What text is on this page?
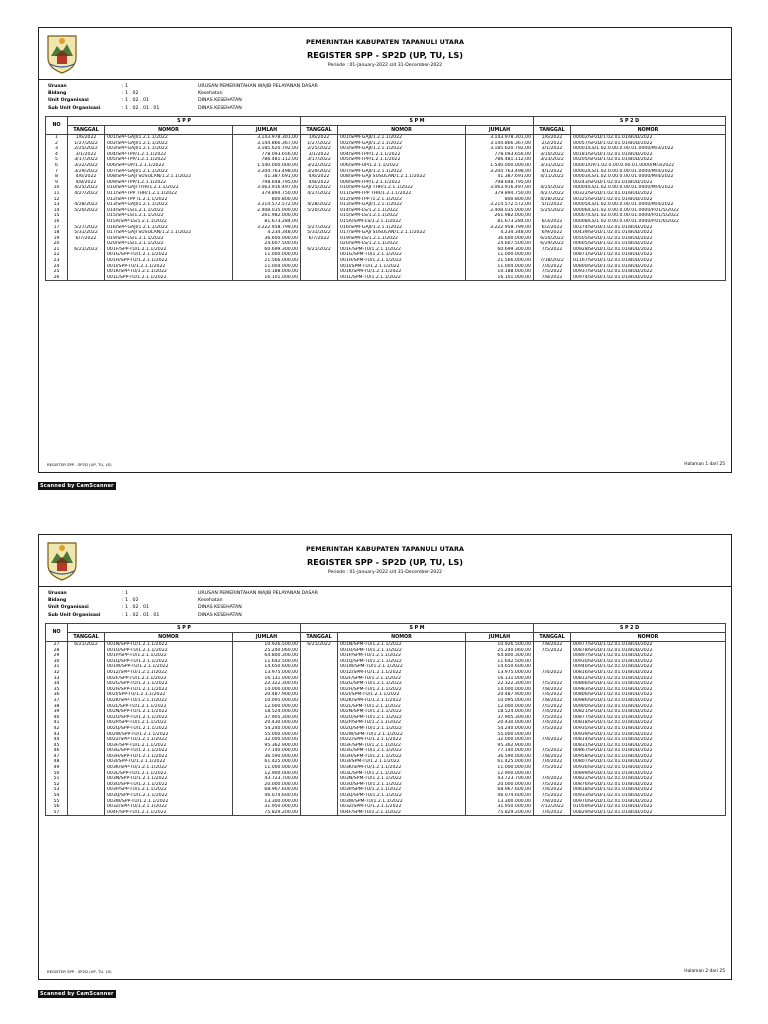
PEMERINTAH KABUPATEN TAPANULI UTARA
REGISTER SPP - SP2D (UP, TU, LS)
Periode : 01-January-2022 s/d 31-December-2022
Urusan	: 1	URUSAN PEMERINTAHAN WAJIB PELAYANAN DASAR
Bidang	: 1 . 02	Kesehatan
Unit Organisasi	: 1 . 02 . 01	DINAS KESEHATAN
Sub Unit Organisasi	: 1 . 02 . 01 . 01	DINAS KESEHATAN
NO	S P P			S P M			S P 2 D	
	TANGGAL	NOMOR	JUMLAH	TANGGAL	NOMOR	JUMLAH	TANGGAL	NOMOR
1	1/6/2022	001/SPP-GAJI/1.2.1.1/2022	3.143.978.301,00	1/6/2022	001/SPM-GAJI/1.2.1.1/2022	3.143.978.301,00	1/6/2022	00002/SP2D/1.02.01.01/BUD/2022
2	1/27/2022	002/SPP-GAJI/1.2.1.1/2022	3.144.866.367,00	1/27/2022	002/SPM-GAJI/1.2.1.1/2022	3.144.866.367,00	2/2/2022	00057/SP2D/1.02.01.01/BUD/2022
3	2/25/2022	003/SPP-GAJI/1.2.1.1/2022	3.185.620.792,00	2/25/2022	003/SPM-GAJI/1.2.1.1/2022	3.185.620.792,00	3/1/2022	00001/LS/1.02.0.00.0.00.01.0000/M/3/2022
4	3/1/2022	004/SPP-TPP/1.2.1.1/2022	778.093.656,00	3/1/2022	004/SPM-TPP/1.2.1.1/2022	778.093.656,00	3/10/2022	00181/SP2D/1.02.01.01/BUD/2022
5	3/17/2022	005/SPP-TPP/1.2.1.1/2022	786.481.112,00	3/17/2022	005/SPM-TPP/1.2.1.1/2022	786.481.112,00	3/23/2022	00205/SP2D/1.02.01.01/BUD/2022
6	3/22/2022	006/SPP-UP/1.2.1.1/2022	1.540.000.000,00	3/22/2022	006/SPM-UP/1.2.1.1/2022	1.540.000.000,00	3/31/2022	00001/UP/1.02.0.00.0.00.01.0000/M/3/2022
7	3/29/2022	007/SPP-GAJI/1.2.1.1/2022	3.204.763.498,00	3/29/2022	007/SPM-GAJI/1.2.1.1/2022	3.204.763.498,00	4/1/2022	00002/LS/1.02.0.00.0.00.01.0000/M/4/2022
8	4/6/2022	008/SPP-GAJI SUSULAN/1.2.1.1/2022	41.387.691,00	4/6/2022	008/SPM-GAJI SUSULAN/1.2.1.1/2022	41.387.691,00	4/11/2022	00003/LS/1.02.0.00.0.00.01.0000/M/4/2022
9	4/8/2022	009/SPP-TPP/1.2.1.1/2022	798.648.795,00	4/8/2022	009/SPM-TPP/1.2.1.1/2022	798.648.795,00		00243/SP2D/1.02.01.01/BUD/2022
10	4/25/2022	010/SPP-GAJI THR/1.2.1.1/2022	3.063.916.497,00	4/25/2022	010/SPM-GAJI THR/1.2.1.1/2022	3.063.916.497,00	4/25/2022	00004/LS/1.02.0.00.0.00.01.0000/M/4/2022
11	4/27/2022	011/SPP-TPP THR/1.2.1.1/2022	379.894.750,00	4/27/2022	011/SPM-TPP THR/1.2.1.1/2022	379.894.750,00	4/27/2022	00322/SP2D/1.02.01.01/BUD/2022
12		012/SPP-TPP /1.2.1.1/2022	800.800,00		012/SPM-TPP /1.2.1.1/2022	800.800,00	4/28/2022	00325/SP2D/1.02.01.01/BUD/2022
13	4/28/2022	013/SPP-GAJI/1.2.1.1/2022	3.214.572.572,00	4/28/2022	013/SPM-GAJI/1.2.1.1/2022	3.214.572.572,00	5/1/2022	00005/LS/1.02.0.00.0.00.01.0000/M/4/2022
14	5/20/2022	014/SPP-LS/1.2.1.1/2022	2.408.035.000,00	5/20/2022	014/SPM-LS/1.2.1.1/2022	2.408.035.000,00	5/25/2022	00006/LS/1.02.0.00.0.00.01.0000/P.01/5/2022
15		015/SPP-LS/1.2.1.1/2022	261.982.000,00		015/SPM-LS/1.2.1.1/2022	261.982.000,00		00007/LS/1.02.0.00.0.00.01.0000/P.01/5/2022
16		015A/SPP-LS/1.2.1.1/2022	81.673.284,00		015A/SPM-LS/1.2.1.1/2022	81.673.284,00	6/3/2022	00008/LS/1.02.0.00.0.00.01.0000/P.01/6/2022
17	5/27/2022	016/SPP-GAJI/1.2.1.1/2022	3.222.958.799,00	5/27/2022	016/SPM-GAJI/1.2.1.1/2022	3.222.958.799,00	6/2/2022	00374/SP2D/1.02.01.01/BUD/2022
18	5/31/2022	017/SPP-GAJI SUSULAN/1.2.1.1/2022	4.234.348,00	5/31/2022	017/SPM-GAJI SUSULAN/1.2.1.1/2022	4.234.348,00	6/9/2022	00439/SP2D/1.02.01.01/BUD/2022
19	6/7/2022	019/SPP-LS/1.2.1.1/2022	36.600.000,00	6/7/2022	019/SPM-LS/1.2.1.1/2022	36.600.000,00	6/20/2022	00505/SP2D/1.02.01.01/BUD/2022
20		020/SPP-LS/1.2.1.1/2022	24.607.500,00		020/SPM-LS/1.2.1.1/2022	24.607.500,00	6/29/2022	00605/SP2D/1.02.01.01/BUD/2022
21	6/21/2022	001F/SPP-TU/1.2.1.1/2022	60.699.300,00	6/21/2022	001F/SPM-TU/1.2.1.1/2022	60.699.300,00	7/5/2022	00928/SP2D/1.02.01.01/BUD/2022
22		001G/SPP-TU/1.2.1.1/2022	11.000.000,00		001G/SPM-TU/1.2.1.1/2022	11.000.000,00		00871/SP2D/1.02.01.01/BUD/2022
23		001H/SPP-TU/1.2.1.1/2022	21.566.000,00		001H/SPM-TU/1.2.1.1/2022	21.566.000,00	7/18/2022	01167/SP2D/1.02.01.01/BUD/2022
24		001I/SPP-TU/1.2.1.1/2022	11.004.000,00		001I/SPM-TU/1.2.1.1/2022	11.004.000,00	7/4/2022	00800/SP2D/1.02.01.01/BUD/2022
25		001K/SPP-TU/1.2.1.1/2022	10.188.000,00		001K/SPM-TU/1.2.1.1/2022	10.188.000,00	7/5/2022	00937/SP2D/1.02.01.01/BUD/2022
26		001L/SPP-TU/1.2.1.1/2022	16.101.000,00		001L/SPM-TU/1.2.1.1/2022	16.101.000,00	7/8/2022	00974/SP2D/1.02.01.01/BUD/2022
REGISTER SPP - SP2D (UP, TU, LS)	Halaman 1 dari 25
Scanned by CamScanner
PEMERINTAH KABUPATEN TAPANULI UTARA
REGISTER SPP - SP2D (UP, TU, LS)
Periode : 01-January-2022 s/d 31-December-2022
Urusan	: 1	URUSAN PEMERINTAHAN WAJIB PELAYANAN DASAR
Bidang	: 1 . 02	Kesehatan
Unit Organisasi	: 1 . 02 . 01	DINAS KESEHATAN
Sub Unit Organisasi	: 1 . 02 . 01 . 01	DINAS KESEHATAN
NO	S P P			S P M			S P 2 D	
	TANGGAL	NOMOR	JUMLAH	TANGGAL	NOMOR	JUMLAH	TANGGAL	NOMOR
27	6/21/2022	001N/SPP-TU/1.2.1.1/2022	10.926.500,00	6/21/2022	001N/SPM-TU/1.2.1.1/2022	10.926.500,00	7/8/2022	00977/SP2D/1.02.01.01/BUD/2022
28		001O/SPP-TU/1.2.1.1/2022	25.240.060,00		001O/SPM-TU/1.2.1.1/2022	25.240.060,00	7/5/2022	00878/SP2D/1.02.01.01/BUD/2022
29		001P/SPP-TU/1.2.1.1/2022	64.800.300,00		001P/SPM-TU/1.2.1.1/2022	64.800.300,00		00897/SP2D/1.02.01.01/BUD/2022
30		001Q/SPP-TU/1.2.1.1/2022	11.642.500,00		001Q/SPM-TU/1.2.1.1/2022	11.642.500,00		00930/SP2D/1.02.01.01/BUD/2022
31		001W/SPP-TU/1.2.1.1/2022	14.650.600,00		001W/SPM-TU/1.2.1.1/2022	14.650.600,00		00940/SP2D/1.02.01.01/BUD/2022
32		001Z/SPP-TU/1.2.1.1/2022	13.975.000,00		001Z/SPM-TU/1.2.1.1/2022	13.975.000,00	7/4/2022	00816/SP2D/1.02.01.01/BUD/2022
33		002F/SPP-TU/1.2.1.1/2022	16.131.000,00		002F/SPM-TU/1.2.1.1/2022	16.131.000,00		00812/SP2D/1.02.01.01/BUD/2022
34		002G/SPP-TU/1.2.1.1/2022	22.322.300,00		002G/SPM-TU/1.2.1.1/2022	22.322.300,00	7/5/2022	00866/SP2D/1.02.01.01/BUD/2022
35		002H/SPP-TU/1.2.1.1/2022	14.000.000,00		002H/SPM-TU/1.2.1.1/2022	14.000.000,00	7/8/2022	00983/SP2D/1.02.01.01/BUD/2022
36		002I/SPP-TU/1.2.1.1/2022	20.487.900,00		002I/SPM-TU/1.2.1.1/2022	20.487.900,00	7/4/2022	00806/SP2D/1.02.01.01/BUD/2022
37		002K/SPP-TU/1.2.1.1/2022	10.095.000,00		002K/SPM-TU/1.2.1.1/2022	10.095.000,00	7/8/2022	00986/SP2D/1.02.01.01/BUD/2022
38		002L/SPP-TU/1.2.1.1/2022	12.000.000,00		002L/SPM-TU/1.2.1.1/2022	12.000.000,00	7/5/2022	00900/SP2D/1.02.01.01/BUD/2022
39		002N/SPP-TU/1.2.1.1/2022	18.524.000,00		002N/SPM-TU/1.2.1.1/2022	18.524.000,00	7/4/2022	00821/SP2D/1.02.01.01/BUD/2022
40		002O/SPP-TU/1.2.1.1/2022	37.905.300,00		002O/SPM-TU/1.2.1.1/2022	37.905.300,00	7/5/2022	00877/SP2D/1.02.01.01/BUD/2022
41		002P/SPP-TU/1.2.1.1/2022	20.430.000,00		002P/SPM-TU/1.2.1.1/2022	20.430.000,00	7/4/2022	00818/SP2D/1.02.01.01/BUD/2022
42		002Q/SPP-TU/1.2.1.1/2022	54.240.000,00		002Q/SPM-TU/1.2.1.1/2022	54.240.000,00	7/5/2022	00935/SP2D/1.02.01.01/BUD/2022
43		002W/SPP-TU/1.2.1.1/2022	55.000.000,00		002W/SPM-TU/1.2.1.1/2022	55.000.000,00		00939/SP2D/1.02.01.01/BUD/2022
44		002Z/SPP-TU/1.2.1.1/2022	32.000.000,00		002Z/SPM-TU/1.2.1.1/2022	32.000.000,00	7/4/2022	00814/SP2D/1.02.01.01/BUD/2022
45		003F/SPP-TU/1.2.1.1/2022	95.362.900,00		003F/SPM-TU/1.2.1.1/2022	95.362.900,00		00831/SP2D/1.02.01.01/BUD/2022
46		003G/SPP-TU/1.2.1.1/2022	77.140.000,00		003G/SPM-TU/1.2.1.1/2022	77.140.000,00	7/5/2022	00867/SP2D/1.02.01.01/BUD/2022
47		003H/SPP-TU/1.2.1.1/2022	36.590.000,00		003H/SPM-TU/1.2.1.1/2022	36.590.000,00	7/8/2022	00958/SP2D/1.02.01.01/BUD/2022
48		003I/SPP-TU/1.2.1.1/2022	61.425.000,00		003I/SPM-TU/1.2.1.1/2022	61.425.000,00	7/4/2022	00807/SP2D/1.02.01.01/BUD/2022
49		003K/SPP-TU/1.2.1.1/2022	11.000.000,00		003K/SPM-TU/1.2.1.1/2022	11.000.000,00	7/5/2022	00936/SP2D/1.02.01.01/BUD/2022
50		003L/SPP-TU/1.2.1.1/2022	12.900.000,00		003L/SPM-TU/1.2.1.1/2022	12.900.000,00		00899/SP2D/1.02.01.01/BUD/2022
51		003N/SPP-TU/1.2.1.1/2022	43.723.700,00		003N/SPM-TU/1.2.1.1/2022	43.723.700,00	7/4/2022	00822/SP2D/1.02.01.01/BUD/2022
52		003O/SPP-TU/1.2.1.1/2022	20.000.000,00		003O/SPM-TU/1.2.1.1/2022	20.000.000,00	7/5/2022	00876/SP2D/1.02.01.01/BUD/2022
53		003P/SPP-TU/1.2.1.1/2022	68.967.600,00		003P/SPM-TU/1.2.1.1/2022	68.967.600,00	7/4/2022	00818/SP2D/1.02.01.01/BUD/2022
54		003Q/SPP-TU/1.2.1.1/2022	46.074.600,00		003Q/SPM-TU/1.2.1.1/2022	46.074.600,00	7/5/2022	00933/SP2D/1.02.01.01/BUD/2022
55		003W/SPP-TU/1.2.1.1/2022	13.300.000,00		003W/SPM-TU/1.2.1.1/2022	13.300.000,00	7/8/2022	00970/SP2D/1.02.01.01/BUD/2022
56		003Z/SPP-TU/1.2.1.1/2022	31.950.000,00		003Z/SPM-TU/1.2.1.1/2022	31.950.000,00	7/12/2022	01059/SP2D/1.02.01.01/BUD/2022
57		004F/SPP-TU/1.2.1.1/2022	75.829.200,00		004F/SPM-TU/1.2.1.1/2022	75.829.200,00	7/4/2022	00829/SP2D/1.02.01.01/BUD/2022
REGISTER SPP - SP2D (UP, TU, LS)	Halaman 2 dari 25
Scanned by CamScanner
